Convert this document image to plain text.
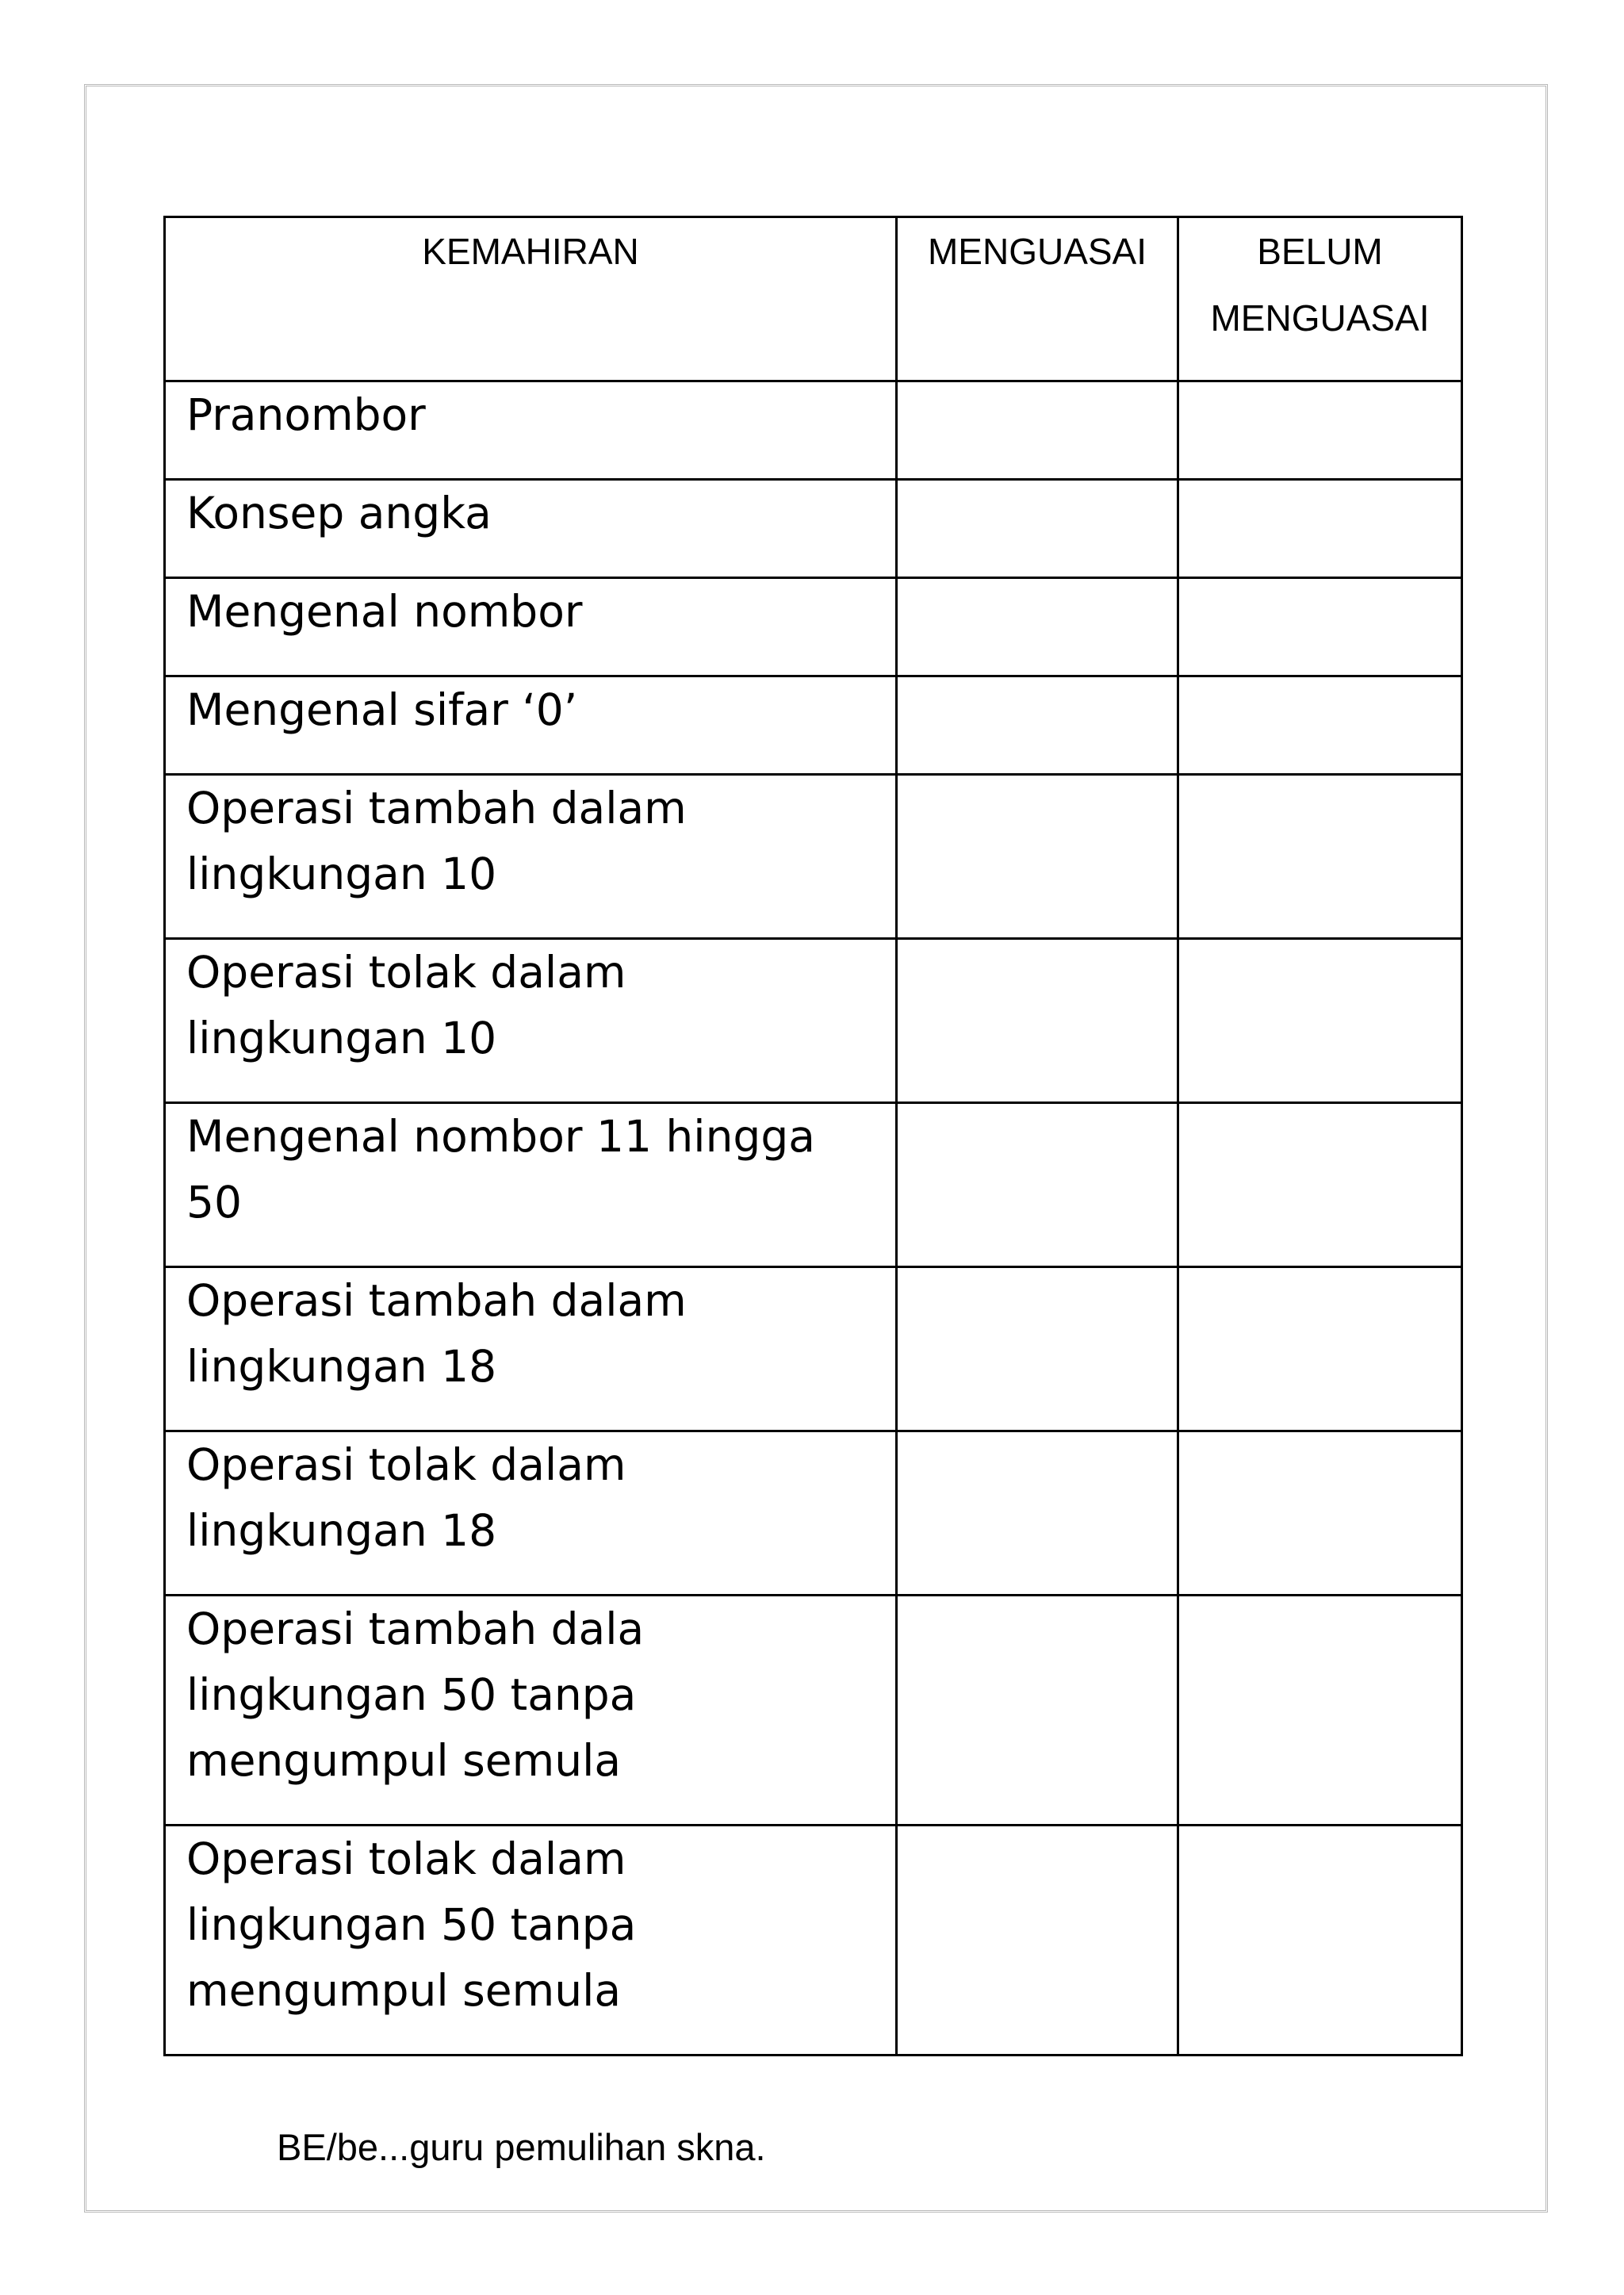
KEMAHIRAN	MENGUASAI	BELUM
MENGUASAI

Pranombor		

Konsep angka		

Mengenal nombor		

Mengenal sifar ‘0’		

Operasi tambah dalam
lingkungan 10		

Operasi tolak dalam
lingkungan 10		

Mengenal nombor 11 hingga
50		

Operasi tambah dalam
lingkungan 18		

Operasi tolak dalam
lingkungan 18		

Operasi tambah dala
lingkungan 50 tanpa
mengumpul semula		

Operasi tolak dalam
lingkungan 50 tanpa
mengumpul semula		

BE/be...guru pemulihan skna.
